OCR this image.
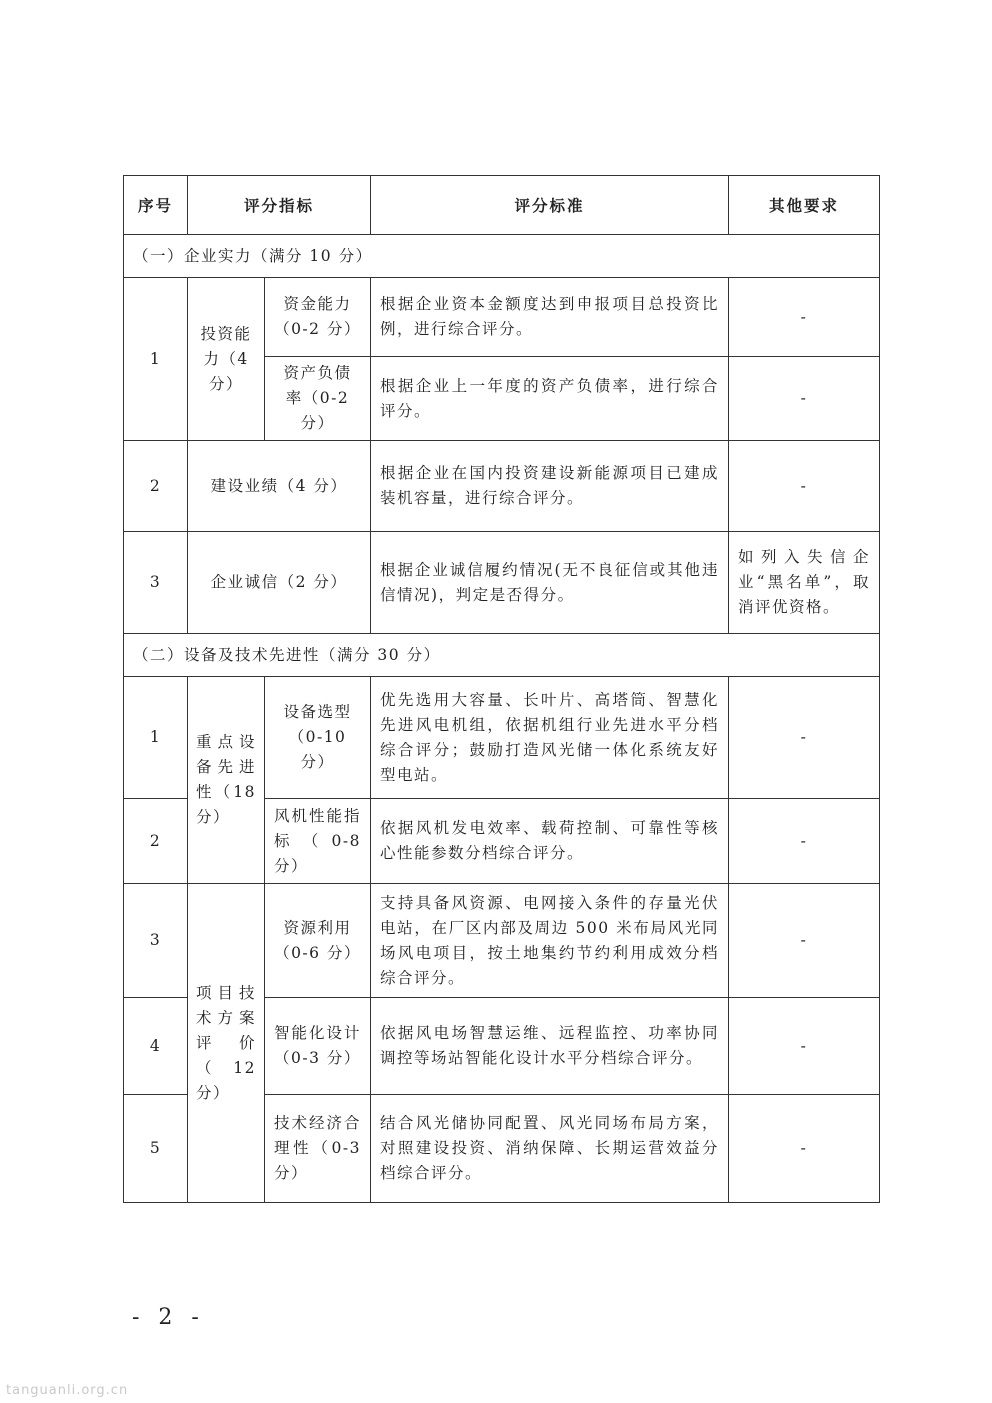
序号	评分指标		评分标准	其他要求
（一）企业实力（满分 10 分）				
1	投资能力（4分）	资金能力（0-2 分）	根据企业资本金额度达到申报项目总投资比例，进行综合评分。	-
		资产负债率（0-2 分）	根据企业上一年度的资产负债率，进行综合评分。	-
2	建设业绩（4 分）		根据企业在国内投资建设新能源项目已建成装机容量，进行综合评分。	-
3	企业诚信（2 分）		根据企业诚信履约情况(无不良征信或其他违信情况)，判定是否得分。	如列入失信企业“黑名单”，取消评优资格。
（二）设备及技术先进性（满分 30 分）				
1	重点设备先进性（18 分）	设备选型（0-10 分）	优先选用大容量、长叶片、高塔筒、智慧化先进风电机组，依据机组行业先进水平分档综合评分；鼓励打造风光储一体化系统友好型电站。	-
2		风机性能指标（0-8 分）	依据风机发电效率、载荷控制、可靠性等核心性能参数分档综合评分。	-
3	项目技术方案评价（12 分）	资源利用（0-6 分）	支持具备风资源、电网接入条件的存量光伏电站，在厂区内部及周边 500 米布局风光同场风电项目，按土地集约节约利用成效分档综合评分。	-
4		智能化设计（0-3 分）	依据风电场智慧运维、远程监控、功率协同调控等场站智能化设计水平分档综合评分。	-
5		技术经济合理性（0-3 分）	结合风光储协同配置、风光同场布局方案，对照建设投资、消纳保障、长期运营效益分档综合评分。	-
- 2 -
tanguanli.org.cn
